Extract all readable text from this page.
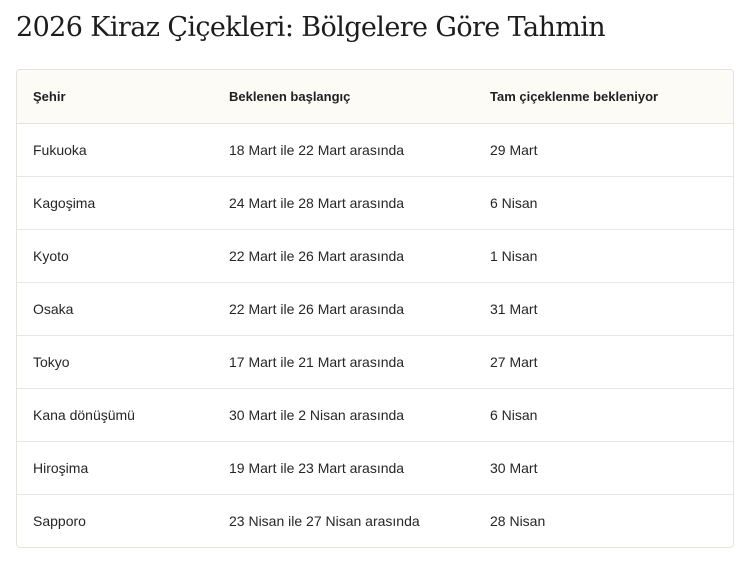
2026 Kiraz Çiçekleri: Bölgelere Göre Tahmin
Şehir	Beklenen başlangıç	Tam çiçeklenme bekleniyor
Fukuoka	18 Mart ile 22 Mart arasında	29 Mart
Kagoşima	24 Mart ile 28 Mart arasında	6 Nisan
Kyoto	22 Mart ile 26 Mart arasında	1 Nisan
Osaka	22 Mart ile 26 Mart arasında	31 Mart
Tokyo	17 Mart ile 21 Mart arasında	27 Mart
Kana dönüşümü	30 Mart ile 2 Nisan arasında	6 Nisan
Hiroşima	19 Mart ile 23 Mart arasında	30 Mart
Sapporo	23 Nisan ile 27 Nisan arasında	28 Nisan
